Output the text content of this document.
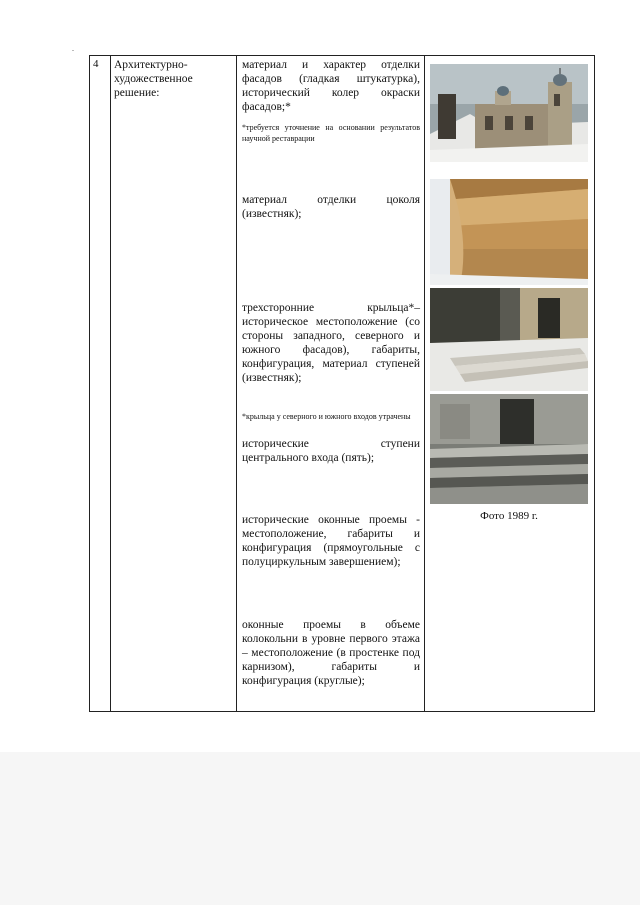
4 Архитектурно-художественное решение:
материал и характер отделки фасадов (гладкая штукатурка), исторический колер окраски фасадов;*
*требуется уточнение на основании результатов научной реставрации
материал отделки цоколя (известняк);
трехсторонние крыльца*– историческое местоположение (со стороны западного, северного и южного фасадов), габариты, конфигурация, материал ступеней (известняк);
*крыльца у северного и южного входов утрачены
исторические ступени центрального входа (пять);
исторические оконные проемы - местоположение, габариты и конфигурация (прямоугольные с полуциркульным завершением);
оконные проемы в объеме колокольни в уровне первого этажа – местоположение (в простенке под карнизом), габариты и конфигурация (круглые);
Фото 1989 г.
